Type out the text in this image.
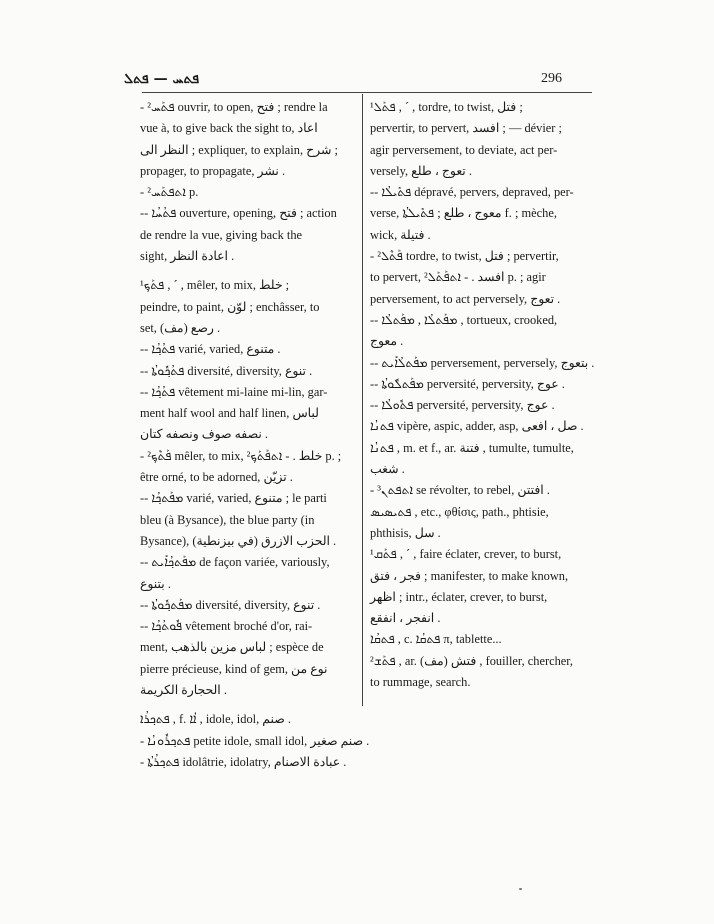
ܦܬܚ — ܦܬܠ	296
- ܦܬܰܚ² ouvrir, to open, فتح ; rendre la
vue à, to give back the sight to, اعاد
النظر الى ; expliquer, to explain, شرح ;
propager, to propagate, نشر .
- ܐܬܦܬܰܚ² p.
-- ܦܬܳܚܳܐ ouverture, opening, فتح ; action
de rendre la vue, giving back the
sight, اعادة النظر .
¹ܦܬܰܟ݂ , ´ , mêler, to mix, خلط ;
peindre, to paint, لوّن ; enchâsser, to
set, (مف) رصع .
-- ܦܬܳܟ݂ܳܐ varié, varied, متنوع .
-- ܦܬܳܟ݂ܽܘܬܳܐ diversité, diversity, تنوع .
-- ܦܬܳܟ݂ܳܐ vêtement mi-laine mi-lin, gar-
ment half wool and half linen, لباس
نصفه صوف ونصفه كتان .
- ܦܰܬܶܟ݂² mêler, to mix, خلط . - ܐܬܦܰܬܰܟ݂² p. ;
être orné, to be adorned, تزيّن .
-- ܡܦܰܬܟ݂ܳܐ varié, varied, متنوع ; le parti
bleu (à Bysance), the blue party (in
Bysance), الحزب الازرق (في بيزنطية) .
-- ܡܦܰܬܟ݂ܳܐܺܝܬ de façon variée, variously,
بتنوع .
-- ܡܦܰܬܟ݂ܽܘܬܳܐ diversité, diversity, تنوع .
-- ܦܽܘܬܳܟ݂ܳܐ vêtement broché d'or, rai-
ment, لباس مزين بالذهب ; espèce de
pierre précieuse, kind of gem, نوع من
الحجارة الكريمة .
ܦܬܟ݂ܪܳܐ , f. ܐܳܐ , idole, idol, صنم .
- ܦܬܟ݂ܪܽܘܢܳܐ petite idole, small idol, صنم صغير .
- ܦܬܟ݂ܪܳܬܳܐ idolâtrie, idolatry, عبادة الاصنام .
¹ܦܬܰܠ , ´ , tordre, to twist, فتل ;
pervertir, to pervert, افسد ; — dévier ;
agir perversement, to deviate, act per-
versely, تعوج ، طلع .
-- ܦܬܺܝܠܳܐ dépravé, pervers, depraved, per-
verse, معوج ، طلع ; ܦܬܺܝܠܬܳܐ f. ; mèche,
wick, فتيلة .
- ܦܰܬܶܠ² tordre, to twist, فتل ; pervertir,
to pervert, افسد . - ܐܬܦܰܬܰܠ² p. ; agir
perversement, to act perversely, تعوج .
-- ܡܦܰܬܠܳܐ , ܡܦܰܬܠܳܐ , tortueux, crooked,
معوج .
-- ܡܦܰܬܠܳܐܺܝܬ perversement, perversely, بتعوج .
-- ܡܦܰܬܠܽܘܬܳܐ perversité, perversity, عوج .
-- ܦܬܽܘܠܳܐ perversité, perversity, عوج .
ܦܬܢܳܐ vipère, aspic, adder, asp, صل ، افعى .
ܦܬܢܳܐ , m. et f., ar. فتنة , tumulte, tumulte,
شغب .
- ܐܬܦܬܢ³ se révolter, to rebel, افتتن .
ܦܬܝܣܝܣ , etc., φθίσις, path., phtisie,
phthisis, سل .
¹ܦܬܰܩ , ´ , faire éclater, crever, to burst,
فجر ، فتق ; manifester, to make known,
اظهر ; intr., éclater, crever, to burst,
انفجر ، انفقع .
ܦܬܩܳܐ , c. ܦܬܩܳܐ π, tablette...
²ܦܬܰܫ , ar. (مف) فتش , fouiller, chercher,
to rummage, search.
